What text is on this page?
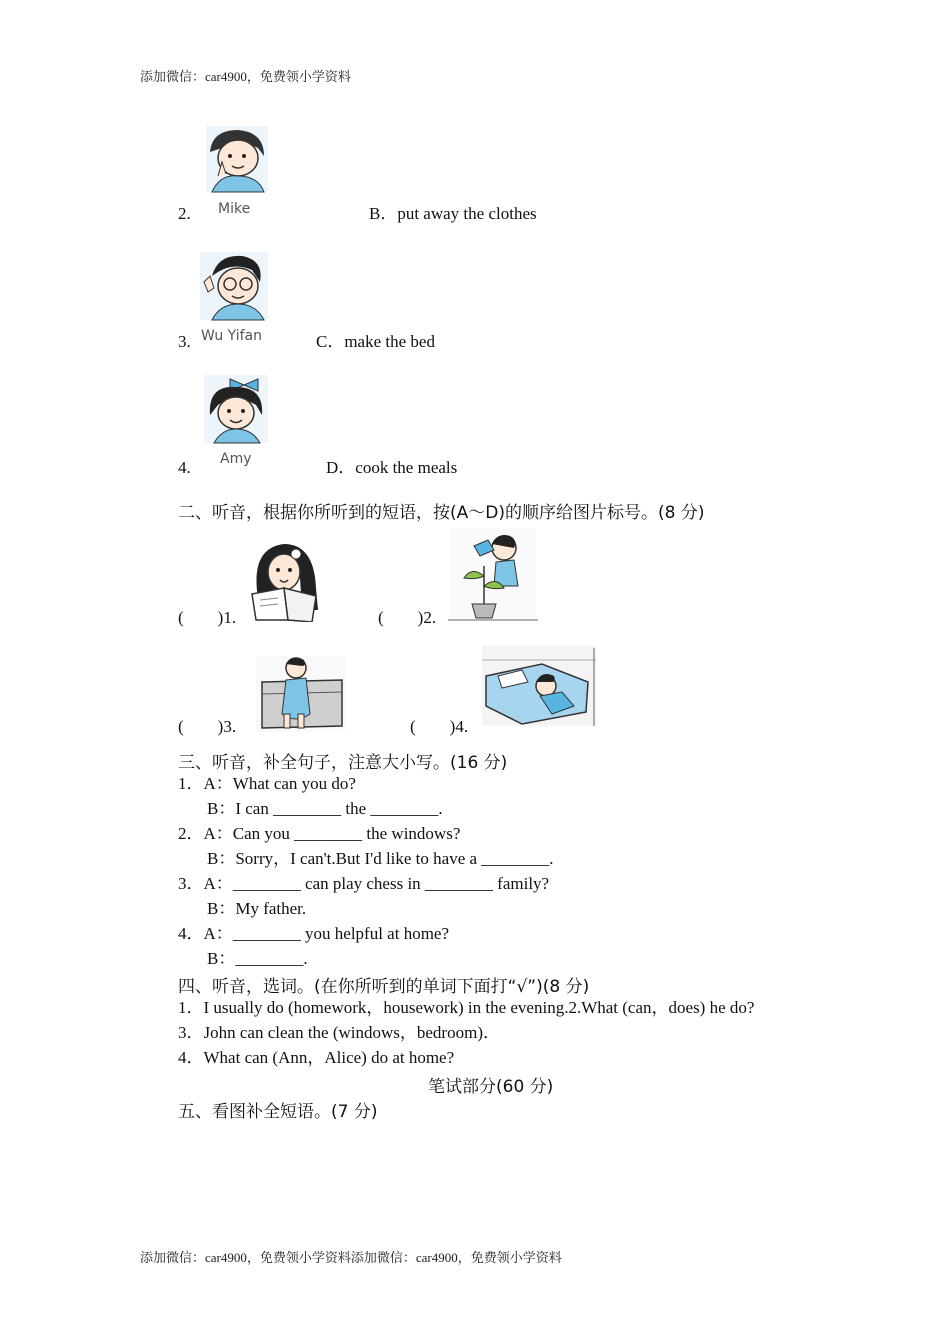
添加微信：car4900，免费领小学资料
Mike
2.	B．put away the clothes
Wu Yifan
3.	C．make the bed
Amy
4.	D．cook the meals
二、听音，根据你所听到的短语，按(A～D)的顺序给图片标号。(8 分)
(　　)1.	(　　)2.
(　　)3.	(　　)4.
三、听音，补全句子，注意大小写。(16 分)
1．A：What can you do?
B：I can ________ the ________.
2．A：Can you ________ the windows?
B：Sorry，I can't.But I'd like to have a ________.
3．A：________ can play chess in ________ family?
B：My father.
4．A：________ you helpful at home?
B：________.
四、听音，选词。(在你所听到的单词下面打“√”)(8 分)
1．I usually do (homework，housework) in the evening.2.What (can，does) he do?
3．John can clean the (windows，bedroom)．
4．What can (Ann，Alice) do at home?
笔试部分(60 分)
五、看图补全短语。(7 分)
添加微信：car4900，免费领小学资料添加微信：car4900，免费领小学资料
